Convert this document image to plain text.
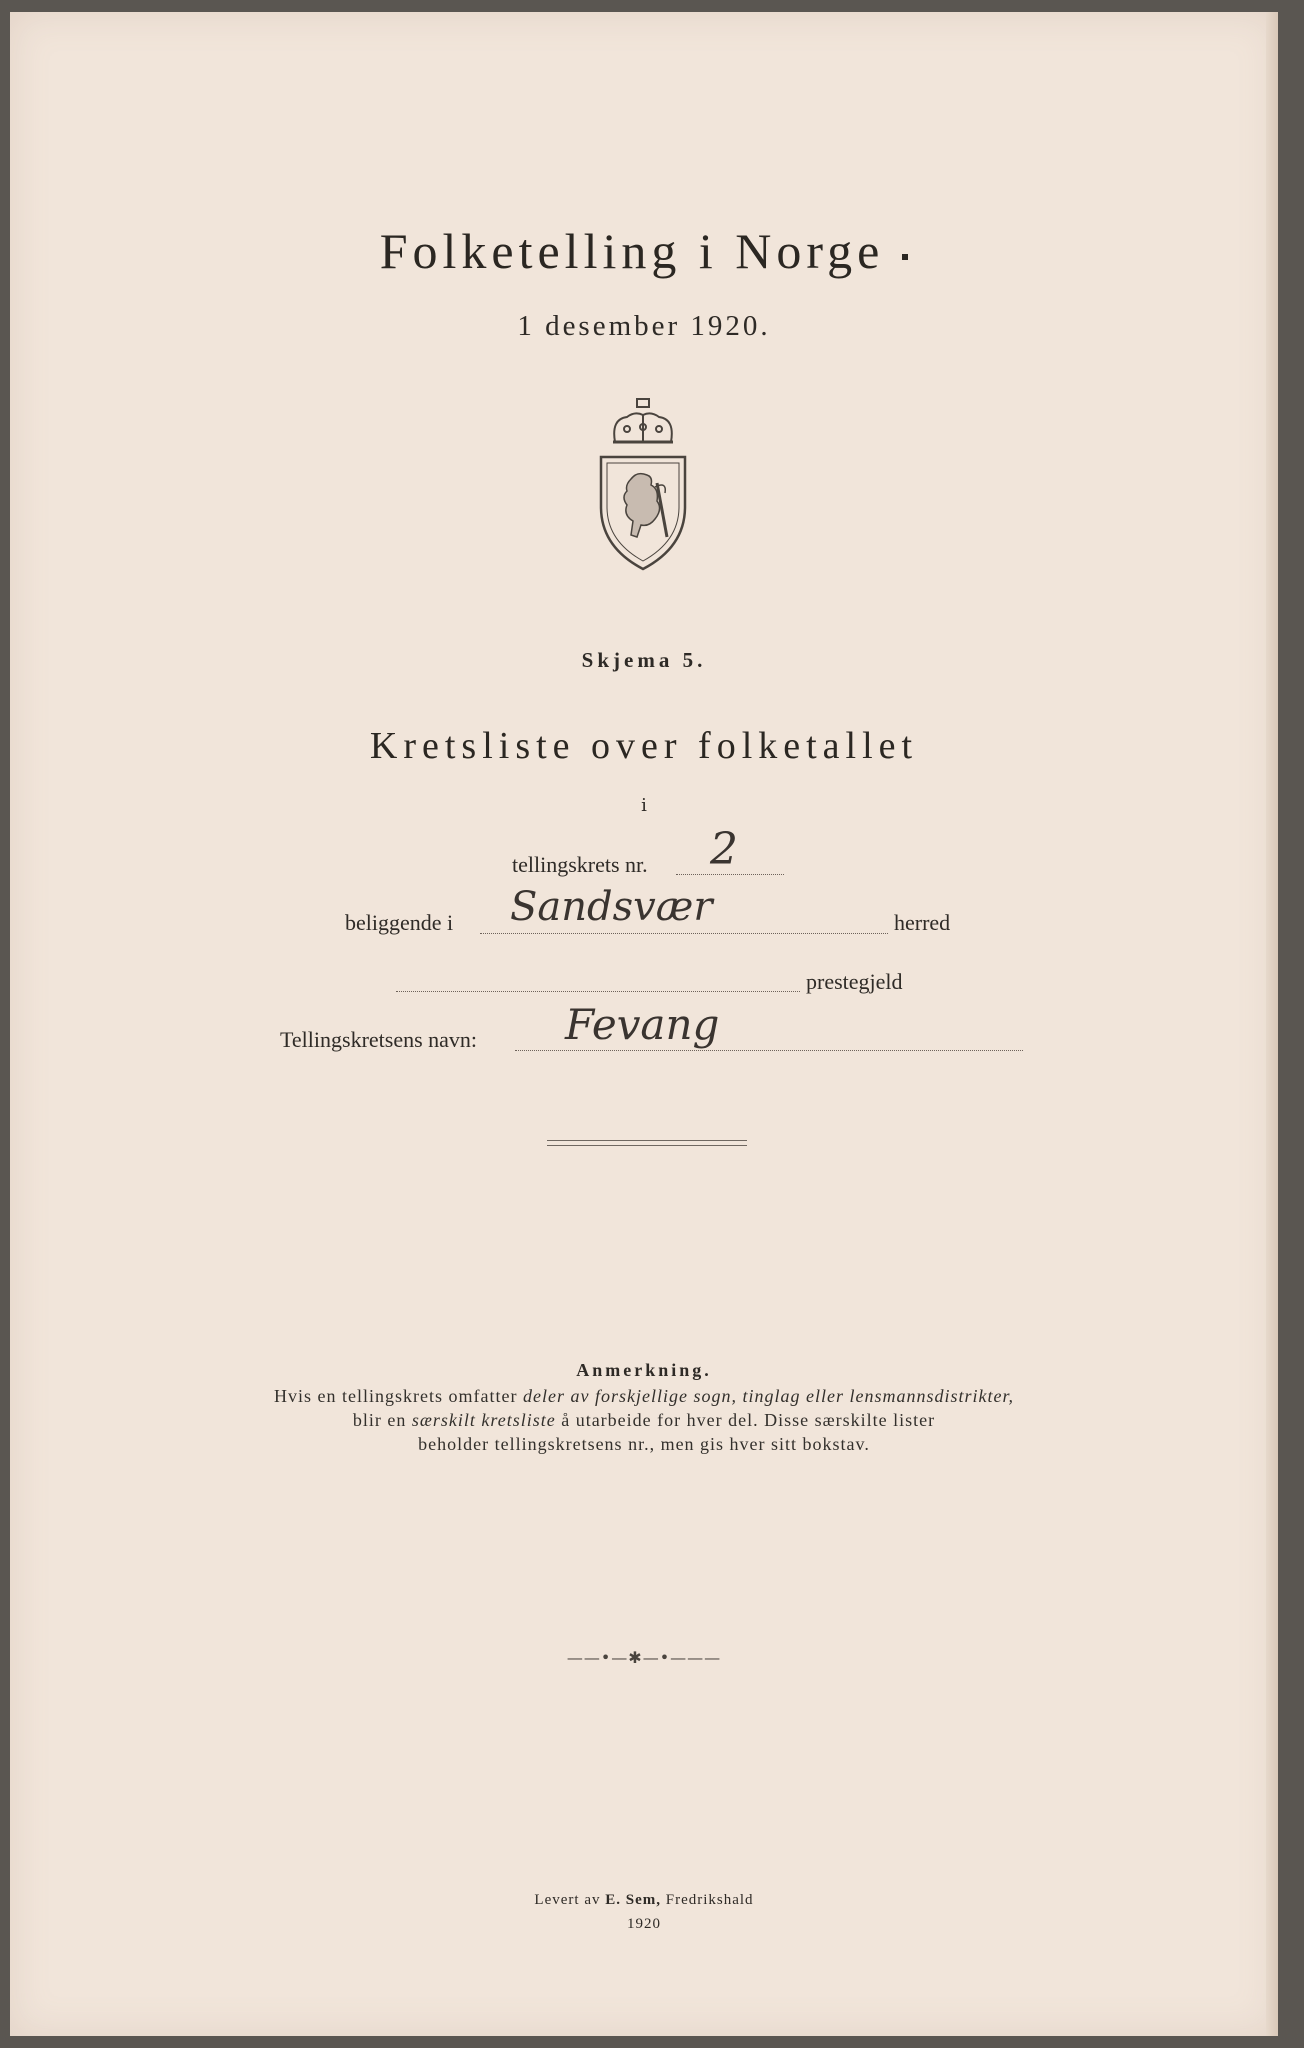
Folketelling i Norge
1 desember 1920.
Skjema 5.
Kretsliste over folketallet
i
tellingskrets nr. 2
beliggende i Sandsvær	herred
prestegjeld
Tellingskretsens navn: Fevang
Anmerkning.
Hvis en tellingskrets omfatter deler av forskjellige sogn, tinglag eller lensmannsdistrikter,
blir en særskilt kretsliste å utarbeide for hver del. Disse særskilte lister
beholder tellingskretsens nr., men gis hver sitt bokstav.
——•—✱—•———
Levert av E. Sem, Fredrikshald
1920
